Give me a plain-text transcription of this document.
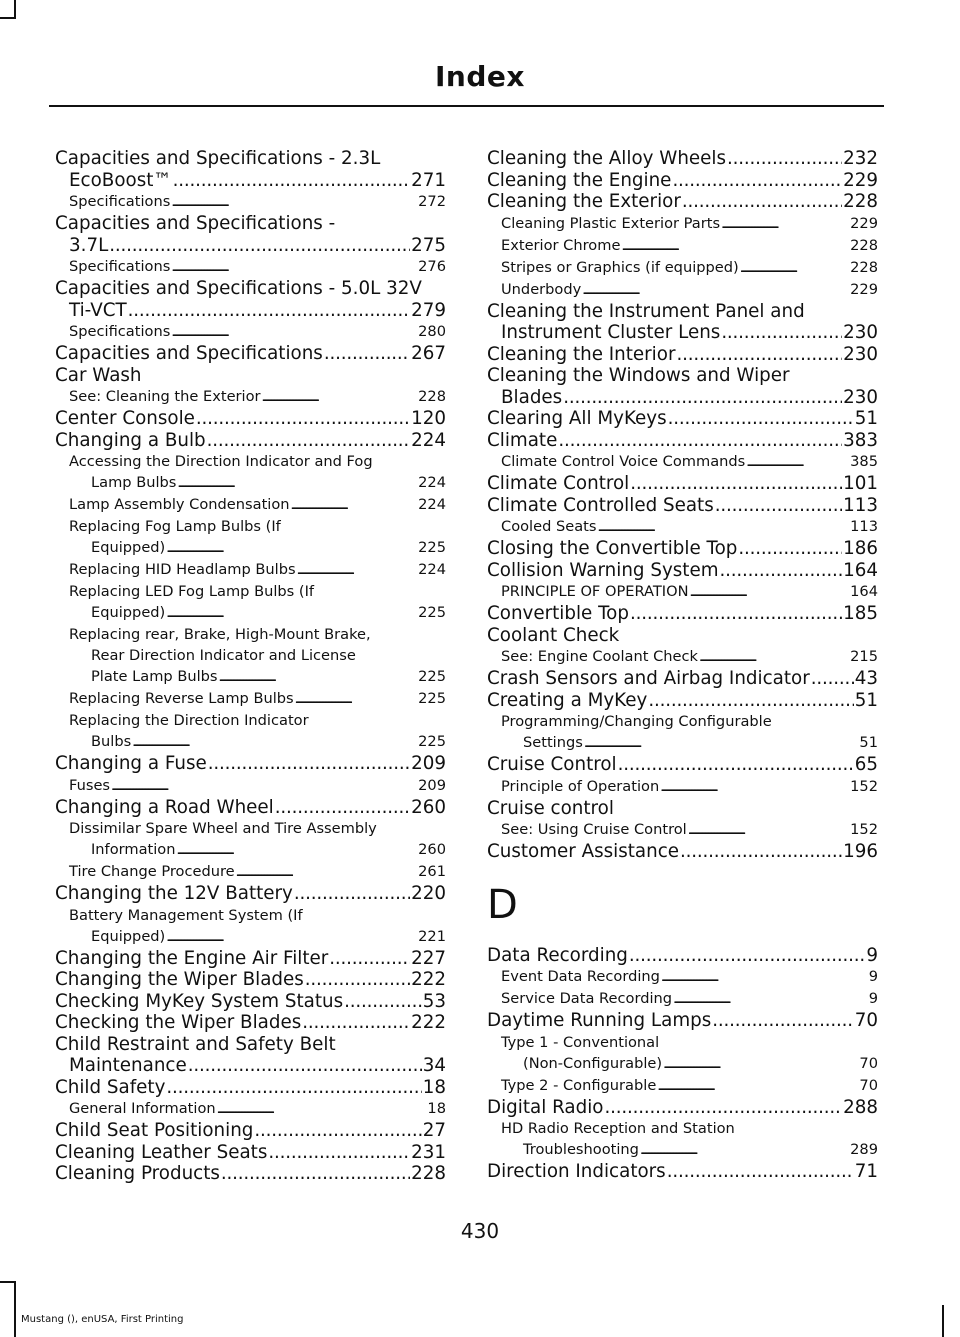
Index
Capacities and Specifications - 2.3L
EcoBoost™ . . .	271
Specifications . . .	272
Capacities and Specifications -
3.7L . . .	275
Specifications . . .	276
Capacities and Specifications - 5.0L 32V
Ti-VCT . . .	279
Specifications . . .	280
Capacities and Specifications . . .	267
Car Wash
See: Cleaning the Exterior . . .	228
Center Console . . .	120
Changing a Bulb . . .	224
Accessing the Direction Indicator and Fog
Lamp Bulbs . . .	224
Lamp Assembly Condensation . . .	224
Replacing Fog Lamp Bulbs (If
Equipped) . . .	225
Replacing HID Headlamp Bulbs . . .	224
Replacing LED Fog Lamp Bulbs (If
Equipped) . . .	225
Replacing rear, Brake, High-Mount Brake,
Rear Direction Indicator and License
Plate Lamp Bulbs . . .	225
Replacing Reverse Lamp Bulbs . . .	225
Replacing the Direction Indicator
Bulbs . . .	225
Changing a Fuse . . .	209
Fuses . . .	209
Changing a Road Wheel . . .	260
Dissimilar Spare Wheel and Tire Assembly
Information . . .	260
Tire Change Procedure . . .	261
Changing the 12V Battery . . .	220
Battery Management System (If
Equipped) . . .	221
Changing the Engine Air Filter . . .	227
Changing the Wiper Blades . . .	222
Checking MyKey System Status . . .	53
Checking the Wiper Blades . . .	222
Child Restraint and Safety Belt
Maintenance . . .	34
Child Safety . . .	18
General Information . . .	18
Child Seat Positioning . . .	27
Cleaning Leather Seats . . .	231
Cleaning Products . . .	228
Cleaning the Alloy Wheels . . .	232
Cleaning the Engine . . .	229
Cleaning the Exterior . . .	228
Cleaning Plastic Exterior Parts . . .	229
Exterior Chrome . . .	228
Stripes or Graphics (if equipped) . . .	228
Underbody . . .	229
Cleaning the Instrument Panel and
Instrument Cluster Lens . . .	230
Cleaning the Interior . . .	230
Cleaning the Windows and Wiper
Blades . . .	230
Clearing All MyKeys . . .	51
Climate . . .	383
Climate Control Voice Commands . . .	385
Climate Control . . .	101
Climate Controlled Seats . . .	113
Cooled Seats . . .	113
Closing the Convertible Top . . .	186
Collision Warning System . . .	164
PRINCIPLE OF OPERATION . . .	164
Convertible Top . . .	185
Coolant Check
See: Engine Coolant Check . . .	215
Crash Sensors and Airbag Indicator . . . 43
Creating a MyKey . . .	51
Programming/Changing Configurable
Settings . . .	51
Cruise Control . . .	65
Principle of Operation . . .	152
Cruise control
See: Using Cruise Control . . .	152
Customer Assistance . . .	196
D
Data Recording . . .	9
Event Data Recording . . .	9
Service Data Recording . . .	9
Daytime Running Lamps . . .	70
Type 1 - Conventional
(Non-Configurable) . . .	70
Type 2 - Configurable . . .	70
Digital Radio . . .	288
HD Radio Reception and Station
Troubleshooting . . .	289
Direction Indicators . . .	71
430
Mustang (), enUSA, First Printing
